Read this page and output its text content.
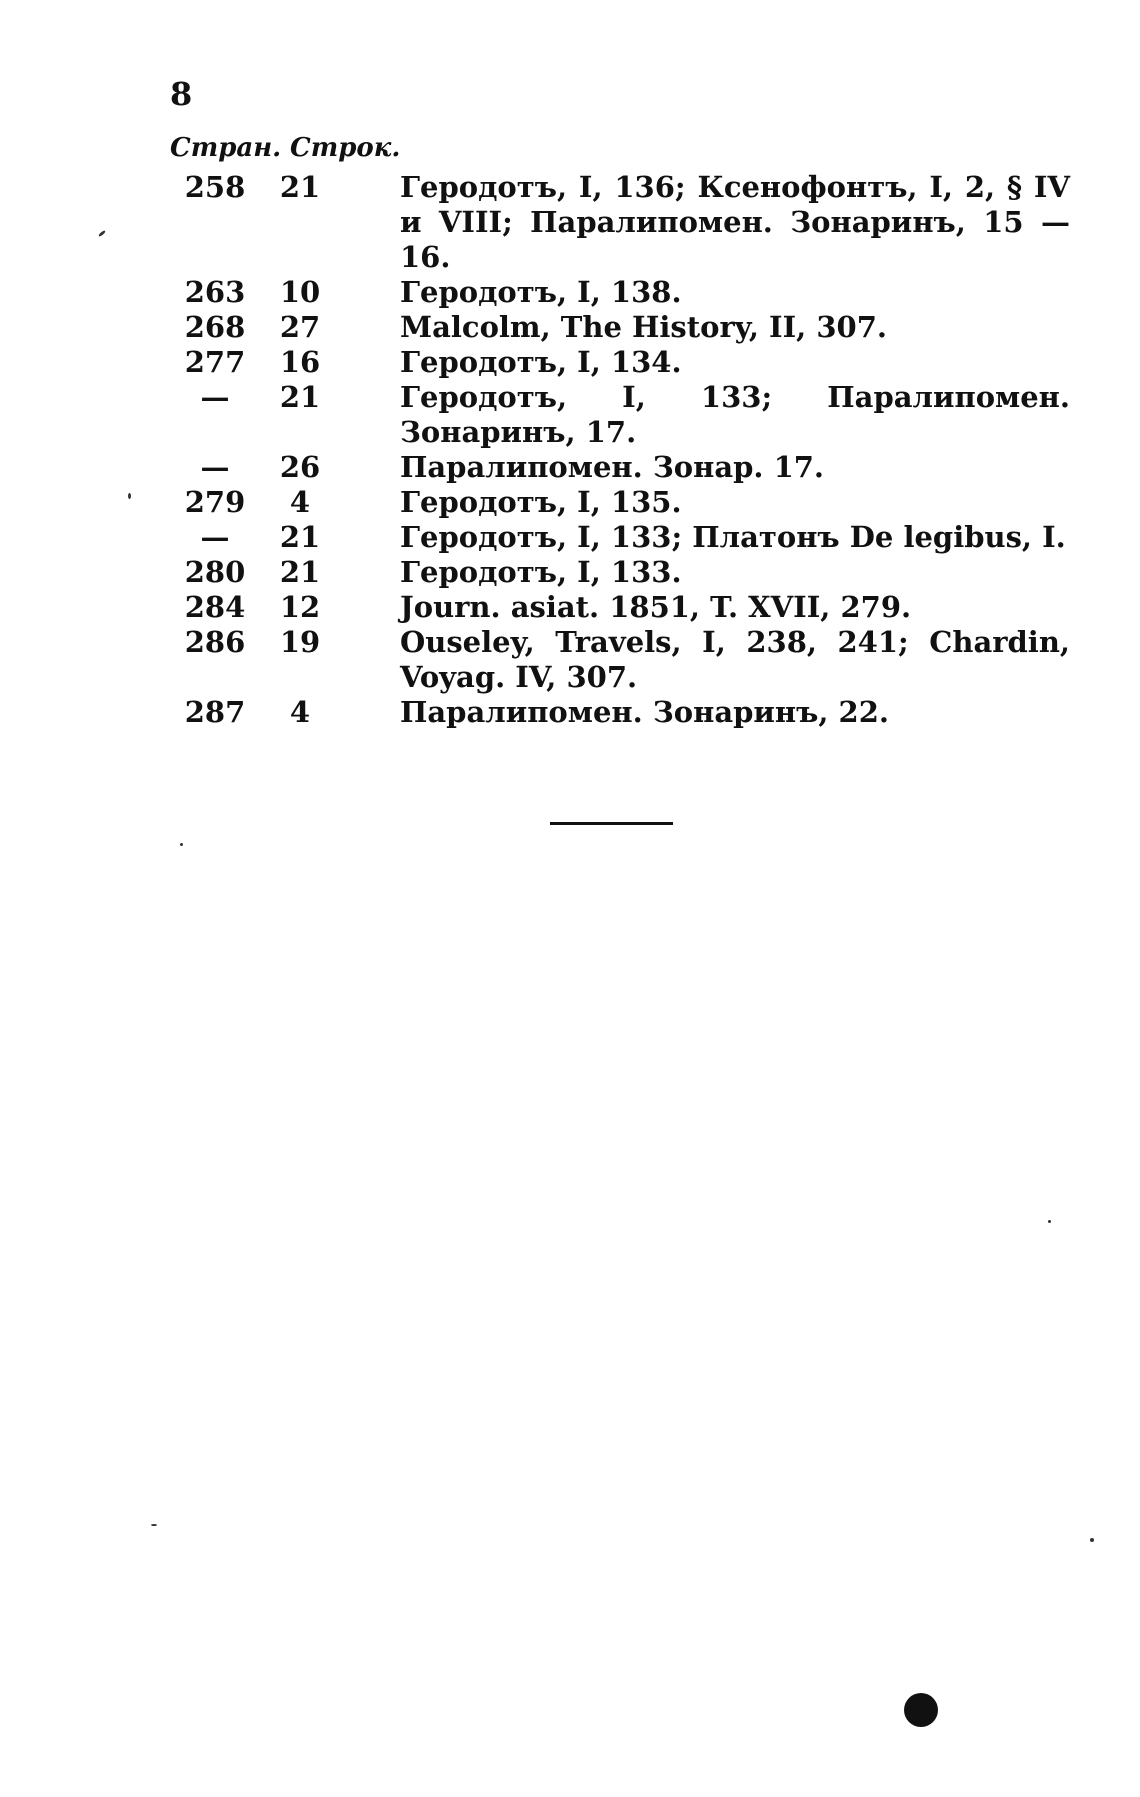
8
Стран. Строк.
258	21	Геродотъ, I, 136; Ксенофонтъ, I, 2, § IV и VIII; Паралипомен. Зонаринъ, 15 — 16.
263	10	Геродотъ, I, 138.
268	27	Malcolm, The History, II, 307.
277	16	Геродотъ, I, 134.
—	21	Геродотъ, I, 133; Паралипомен. Зонаринъ, 17.
—	26	Паралипомен. Зонар. 17.
279	4	Геродотъ, I, 135.
—	21	Геродотъ, I, 133; Платонъ De legibus, I.
280	21	Геродотъ, I, 133.
284	12	Journ. asiat. 1851, T. XVII, 279.
286	19	Ouseley, Travels, I, 238, 241; Chardin, Voyag. IV, 307.
287	4	Паралипомен. Зонаринъ, 22.
